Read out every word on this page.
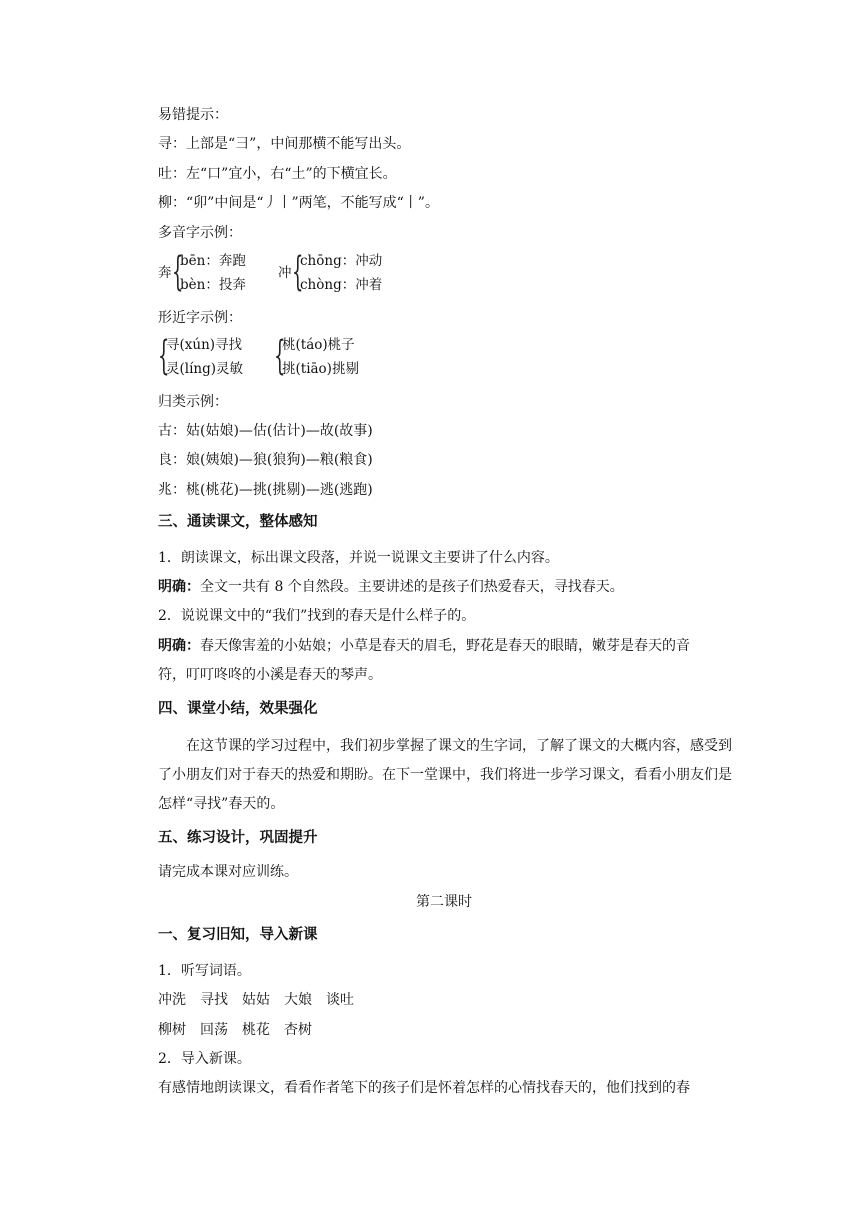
易错提示：
寻：上部是“⺕”，中间那横不能写出头。
吐：左“口”宜小，右“土”的下横宜长。
柳：“卯”中间是“丿丨”两笔，不能写成“丨”。
多音字示例：
奔 {
bēn：奔跑
bèn：投奔
冲 {
chōng：冲动
chòng：冲着
形近字示例：
{
寻(xún)寻找
灵(líng)灵敏 {
桃(táo)桃子
挑(tiāo)挑剔
归类示例：
古：姑(姑娘)—估(估计)—故(故事)
良：娘(姨娘)—狼(狼狗)—粮(粮食)
兆：桃(桃花)—挑(挑剔)—逃(逃跑)
三、通读课文，整体感知
1．朗读课文，标出课文段落，并说一说课文主要讲了什么内容。
明确：全文一共有 8 个自然段。主要讲述的是孩子们热爱春天，寻找春天。
2．说说课文中的“我们”找到的春天是什么样子的。
明确：春天像害羞的小姑娘；小草是春天的眉毛，野花是春天的眼睛，嫩芽是春天的音
符，叮叮咚咚的小溪是春天的琴声。
四、课堂小结，效果强化
在这节课的学习过程中，我们初步掌握了课文的生字词，了解了课文的大概内容，感受到了小朋友们对于春天的热爱和期盼。在下一堂课中，我们将进一步学习课文，看看小朋友们是怎样“寻找”春天的。
五、练习设计，巩固提升
请完成本课对应训练。
第二课时
一、复习旧知，导入新课
1．听写词语。
冲洗　寻找　姑姑　大娘　谈吐
柳树　回荡　桃花　杏树
2．导入新课。
有感情地朗读课文，看看作者笔下的孩子们是怀着怎样的心情找春天的，他们找到的春
